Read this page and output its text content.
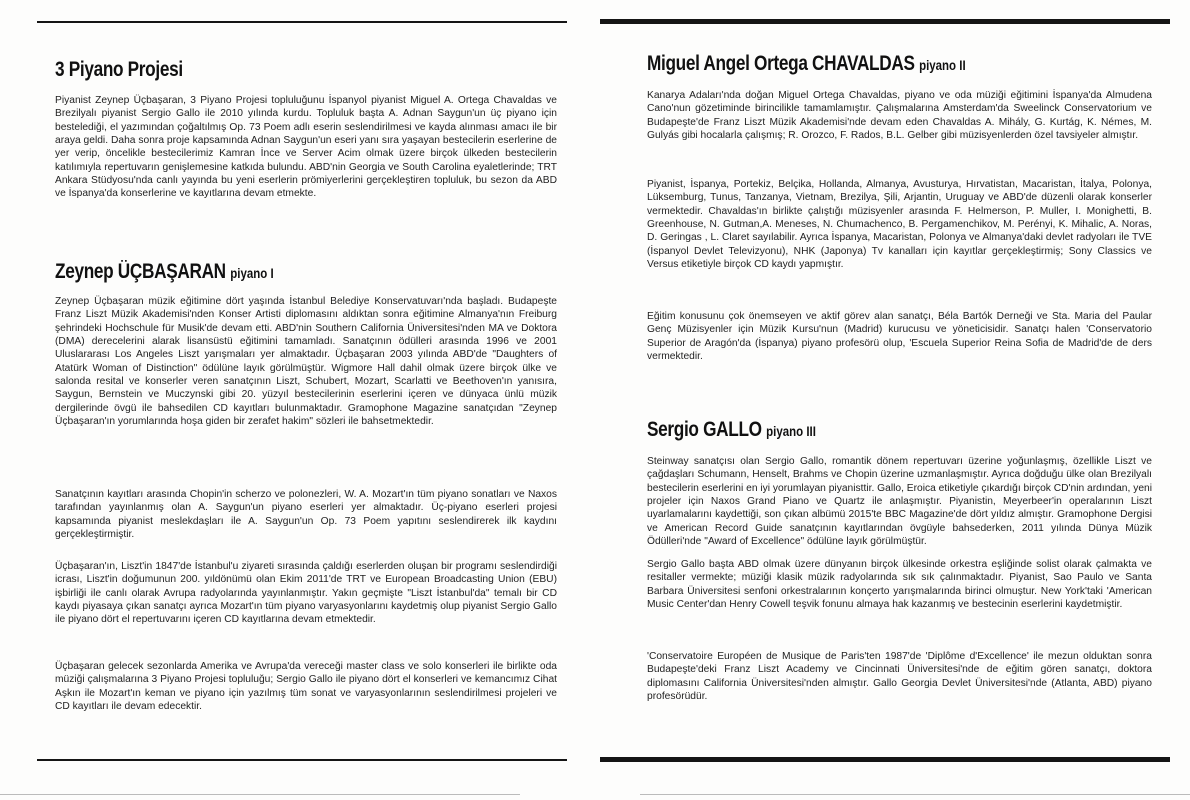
3 Piyano Projesi

Piyanist Zeynep Üçbaşaran, 3 Piyano Projesi topluluğunu İspanyol piyanist Miguel A. Ortega Chavaldas ve Brezilyalı piyanist Sergio Gallo ile 2010 yılında kurdu. Topluluk başta A. Adnan Saygun'un üç piyano için bestelediği, el yazımından çoğaltılmış Op. 73 Poem adlı eserin seslendirilmesi ve kayda alınması amacı ile bir araya geldi. Daha sonra proje kapsamında Adnan Saygun'un eseri yanı sıra yaşayan bestecilerin eserlerine de yer verip, öncelikle bestecilerimiz Kamran İnce ve Server Acim olmak üzere birçok ülkeden bestecilerin katılımıyla repertuvarın genişlemesine katkıda bulundu. ABD'nin Georgia ve South Carolina eyaletlerinde; TRT Ankara Stüdyosu'nda canlı yayında bu yeni eserlerin prömiyerlerini gerçekleştiren topluluk, bu sezon da ABD ve İspanya'da konserlerine ve kayıtlarına devam etmekte.

Zeynep ÜÇBAŞARAN piyano I

Zeynep Üçbaşaran müzik eğitimine dört yaşında İstanbul Belediye Konservatuvarı'nda başladı. Budapeşte Franz Liszt Müzik Akademisi'nden Konser Artisti diplomasını aldıktan sonra eğitimine Almanya'nın Freiburg şehrindeki Hochschule für Musik'de devam etti. ABD'nin Southern California Üniversitesi'nden MA ve Doktora (DMA) derecelerini alarak lisansüstü eğitimini tamamladı. Sanatçının ödülleri arasında 1996 ve 2001 Uluslararası Los Angeles Liszt yarışmaları yer almaktadır. Üçbaşaran 2003 yılında ABD'de "Daughters of Atatürk Woman of Distinction" ödülüne layık görülmüştür. Wigmore Hall dahil olmak üzere birçok ülke ve salonda resital ve konserler veren sanatçının Liszt, Schubert, Mozart, Scarlatti ve Beethoven'ın yanısıra, Saygun, Bernstein ve Muczynski gibi 20. yüzyıl bestecilerinin eserlerini içeren ve dünyaca ünlü müzik dergilerinde övgü ile bahsedilen CD kayıtları bulunmaktadır. Gramophone Magazine sanatçıdan "Zeynep Üçbaşaran'ın yorumlarında hoşa giden bir zerafet hakim" sözleri ile bahsetmektedir.

Sanatçının kayıtları arasında Chopin'in scherzo ve polonezleri, W. A. Mozart'ın tüm piyano sonatları ve Naxos tarafından yayınlanmış olan A. Saygun'un piyano eserleri yer almaktadır. Üç-piyano eserleri projesi kapsamında piyanist meslekdaşları ile A. Saygun'un Op. 73 Poem yapıtını seslendirerek ilk kaydını gerçekleştirmiştir.

Üçbaşaran'ın, Liszt'in 1847'de İstanbul'u ziyareti sırasında çaldığı eserlerden oluşan bir programı seslendirdiği icrası, Liszt'in doğumunun 200. yıldönümü olan Ekim 2011'de TRT ve European Broadcasting Union (EBU) işbirliği ile canlı olarak Avrupa radyolarında yayınlanmıştır. Yakın geçmişte "Liszt İstanbul'da" temalı bir CD kaydı piyasaya çıkan sanatçı ayrıca Mozart'ın tüm piyano varyasyonlarını kaydetmiş olup piyanist Sergio Gallo ile piyano dört el repertuvarını içeren CD kayıtlarına devam etmektedir.

Üçbaşaran gelecek sezonlarda Amerika ve Avrupa'da vereceği master class ve solo konserleri ile birlikte oda müziği çalışmalarına 3 Piyano Projesi topluluğu; Sergio Gallo ile piyano dört el konserleri ve kemancımız Cihat Aşkın ile Mozart'ın keman ve piyano için yazılmış tüm sonat ve varyasyonlarının seslendirilmesi projeleri ve CD kayıtları ile devam edecektir.

Miguel Angel Ortega CHAVALDAS piyano II

Kanarya Adaları'nda doğan Miguel Ortega Chavaldas, piyano ve oda müziği eğitimini İspanya'da Almudena Cano'nun gözetiminde birincilikle tamamlamıştır. Çalışmalarına Amsterdam'da Sweelinck Conservatorium ve Budapeşte'de Franz Liszt Müzik Akademisi'nde devam eden Chavaldas A. Mihály, G. Kurtág, K. Némes, M. Gulyás gibi hocalarla çalışmış; R. Orozco, F. Rados, B.L. Gelber gibi müzisyenlerden özel tavsiyeler almıştır.

Piyanist, İspanya, Portekiz, Belçika, Hollanda, Almanya, Avusturya, Hırvatistan, Macaristan, İtalya, Polonya, Lüksemburg, Tunus, Tanzanya, Vietnam, Brezilya, Şili, Arjantin, Uruguay ve ABD'de düzenli olarak konserler vermektedir. Chavaldas'ın birlikte çalıştığı müzisyenler arasında F. Helmerson, P. Muller, I. Monighetti, B. Greenhouse, N. Gutman,A. Meneses, N. Chumachenco, B. Pergamenchikov, M. Perényi, K. Mihalic, A. Noras, D. Geringas , L. Claret sayılabilir. Ayrıca İspanya, Macaristan, Polonya ve Almanya'daki devlet radyoları ile TVE (İspanyol Devlet Televizyonu), NHK (Japonya) Tv kanalları için kayıtlar gerçekleştirmiş; Sony Classics ve Versus etiketiyle birçok CD kaydı yapmıştır.

Eğitim konusunu çok önemseyen ve aktif görev alan sanatçı, Béla Bartók Derneği ve Sta. Maria del Paular Genç Müzisyenler için Müzik Kursu'nun (Madrid) kurucusu ve yöneticisidir. Sanatçı halen 'Conservatorio Superior de Aragón'da (İspanya) piyano profesörü olup, 'Escuela Superior Reina Sofia de Madrid'de de ders vermektedir.

Sergio GALLO piyano III

Steinway sanatçısı olan Sergio Gallo, romantik dönem repertuvarı üzerine yoğunlaşmış, özellikle Liszt ve çağdaşları Schumann, Henselt, Brahms ve Chopin üzerine uzmanlaşmıştır. Ayrıca doğduğu ülke olan Brezilyalı bestecilerin eserlerini en iyi yorumlayan piyanisttir. Gallo, Eroica etiketiyle çıkardığı birçok CD'nin ardından, yeni projeler için Naxos Grand Piano ve Quartz ile anlaşmıştır. Piyanistin, Meyerbeer'in operalarının Liszt uyarlamalarını kaydettiği, son çıkan albümü 2015'te BBC Magazine'de dört yıldız almıştır. Gramophone Dergisi ve American Record Guide sanatçının kayıtlarından övgüyle bahsederken, 2011 yılında Dünya Müzik Ödülleri'nde "Award of Excellence" ödülüne layık görülmüştür.

Sergio Gallo başta ABD olmak üzere dünyanın birçok ülkesinde orkestra eşliğinde solist olarak çalmakta ve resitaller vermekte; müziği klasik müzik radyolarında sık sık çalınmaktadır. Piyanist, Sao Paulo ve Santa Barbara Üniversitesi senfoni orkestralarının konçerto yarışmalarında birinci olmuştur. New York'taki 'American Music Center'dan Henry Cowell teşvik fonunu almaya hak kazanmış ve bestecinin eserlerini kaydetmiştir.

'Conservatoire Européen de Musique de Paris'ten 1987'de 'Diplôme d'Excellence' ile mezun olduktan sonra Budapeşte'deki Franz Liszt Academy ve Cincinnati Üniversitesi'nde de eğitim gören sanatçı, doktora diplomasını California Üniversitesi'nden almıştır. Gallo Georgia Devlet Üniversitesi'nde (Atlanta, ABD) piyano profesörüdür.
